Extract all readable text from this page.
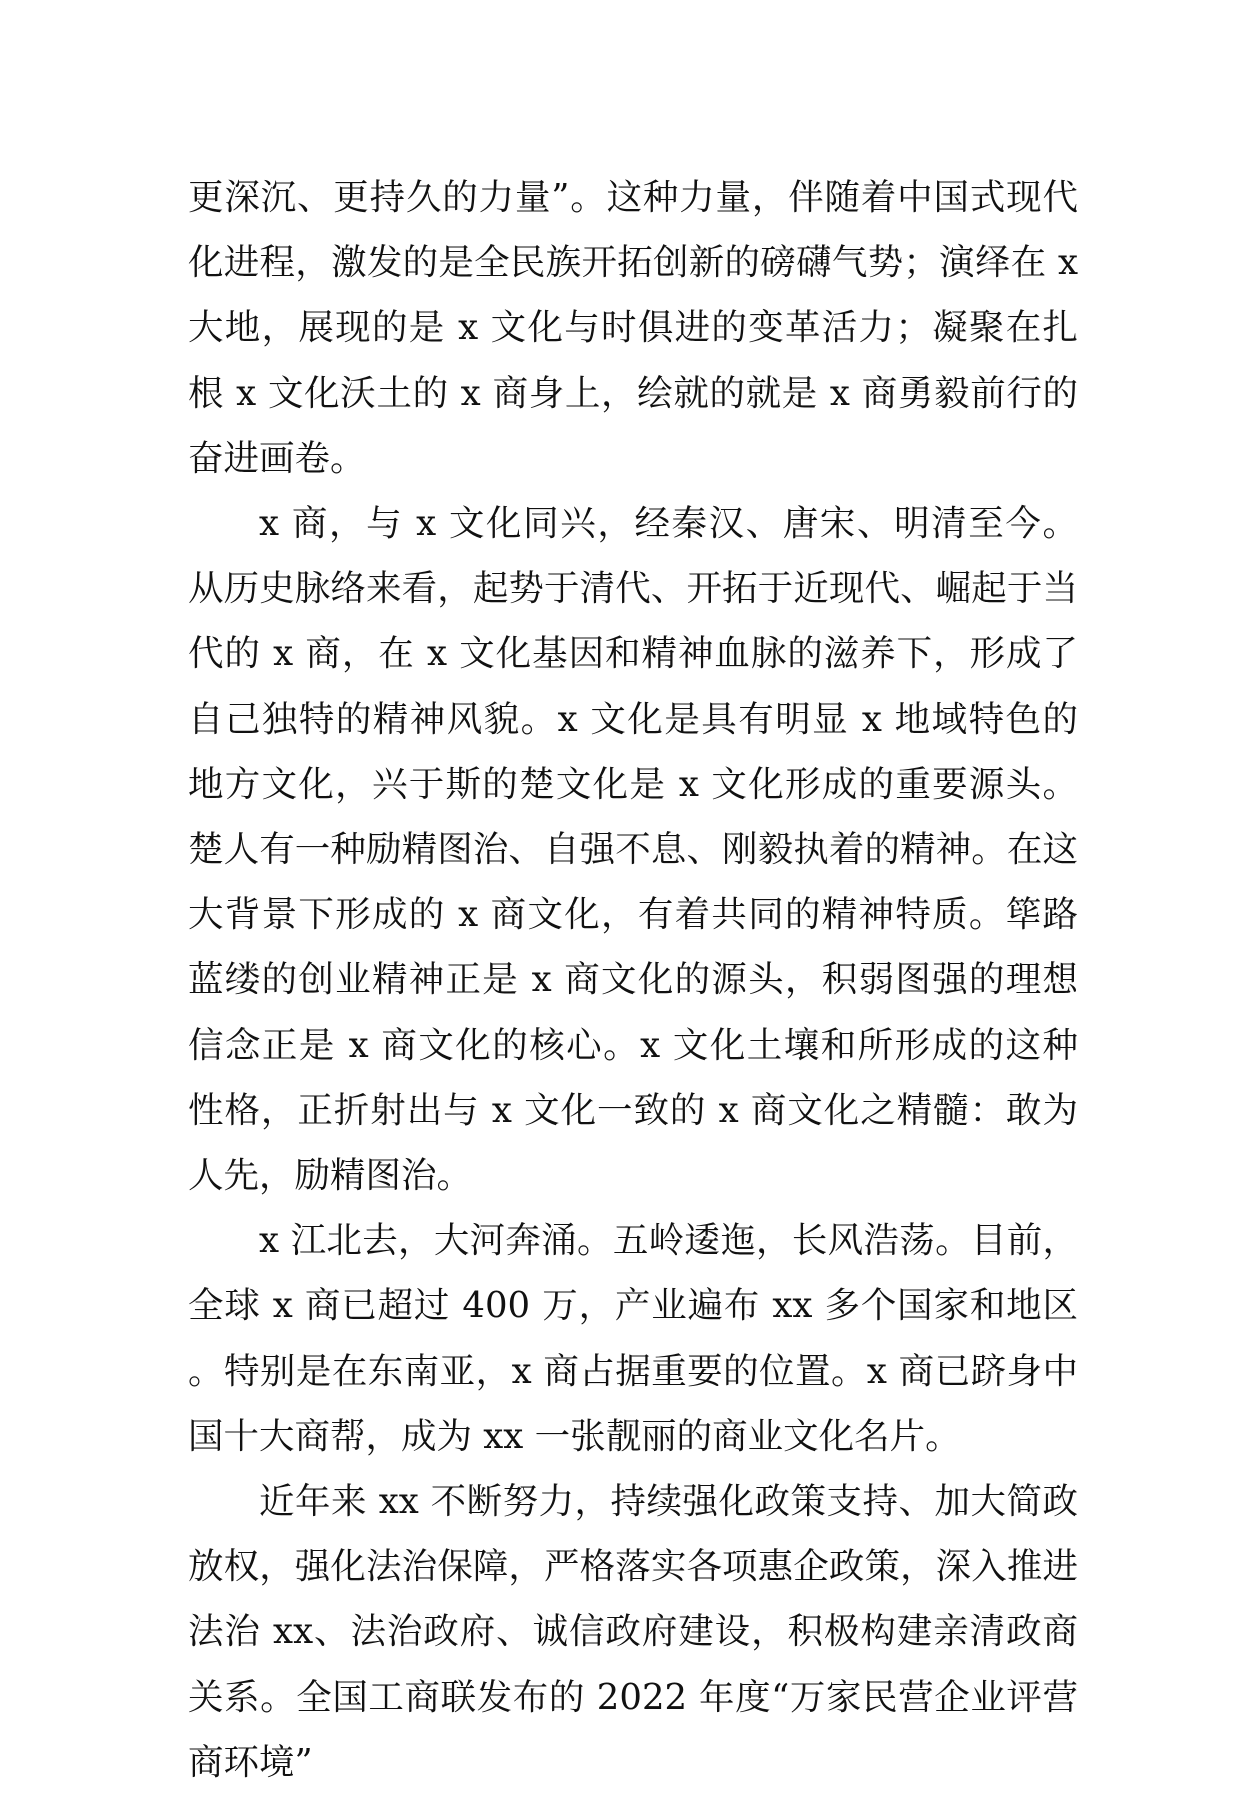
更深沉、更持久的力量”。这种力量，伴随着中国式现代化进程，激发的是全民族开拓创新的磅礴气势；演绎在 x 大地，展现的是 x 文化与时俱进的变革活力；凝聚在扎根 x 文化沃土的 x 商身上，绘就的就是 x 商勇毅前行的奋进画卷。

x 商，与 x 文化同兴，经秦汉、唐宋、明清至今。从历史脉络来看，起势于清代、开拓于近现代、崛起于当代的 x 商，在 x 文化基因和精神血脉的滋养下，形成了自己独特的精神风貌。x 文化是具有明显 x 地域特色的地方文化，兴于斯的楚文化是 x 文化形成的重要源头。楚人有一种励精图治、自强不息、刚毅执着的精神。在这大背景下形成的 x 商文化，有着共同的精神特质。筚路蓝缕的创业精神正是 x 商文化的源头，积弱图强的理想信念正是 x 商文化的核心。x 文化土壤和所形成的这种性格，正折射出与 x 文化一致的 x 商文化之精髓：敢为人先，励精图治。

x 江北去，大河奔涌。五岭逶迤，长风浩荡。目前，全球 x 商已超过 400 万，产业遍布 xx 多个国家和地区。特别是在东南亚，x 商占据重要的位置。x 商已跻身中国十大商帮，成为 xx 一张靓丽的商业文化名片。

近年来 xx 不断努力，持续强化政策支持、加大简政放权，强化法治保障，严格落实各项惠企政策，深入推进法治 xx、法治政府、诚信政府建设，积极构建亲清政商关系。全国工商联发布的 2022 年度“万家民营企业评营商环境”
